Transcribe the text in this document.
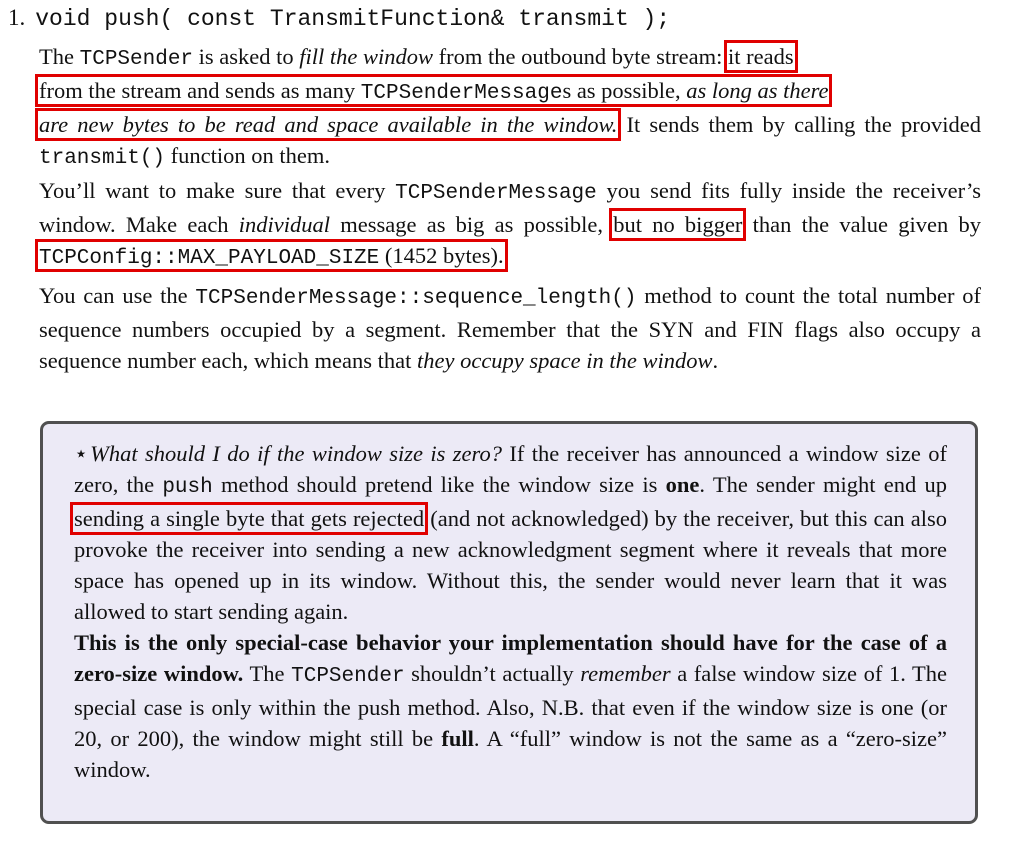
1. void push( const TransmitFunction& transmit );

The TCPSender is asked to fill the window from the outbound byte stream: it reads
from the stream and sends as many TCPSenderMessages as possible, as long as there
are new bytes to be read and space available in the window. It sends them by calling the provided transmit() function on them.

You’ll want to make sure that every TCPSenderMessage you send fits fully inside the receiver’s window. Make each individual message as big as possible, but no bigger than the value given by TCPConfig::MAX_PAYLOAD_SIZE (1452 bytes).

You can use the TCPSenderMessage::sequence_length() method to count the total number of sequence numbers occupied by a segment. Remember that the SYN and FIN flags also occupy a sequence number each, which means that they occupy space in the window.

⋆What should I do if the window size is zero? If the receiver has announced a window size of zero, the push method should pretend like the window size is one. The sender might end up sending a single byte that gets rejected (and not acknowledged) by the receiver, but this can also provoke the receiver into sending a new acknowledgment segment where it reveals that more space has opened up in its window. Without this, the sender would never learn that it was allowed to start sending again.
This is the only special-case behavior your implementation should have for the case of a zero-size window. The TCPSender shouldn’t actually remember a false window size of 1. The special case is only within the push method. Also, N.B. that even if the window size is one (or 20, or 200), the window might still be full. A “full” window is not the same as a “zero-size” window.
